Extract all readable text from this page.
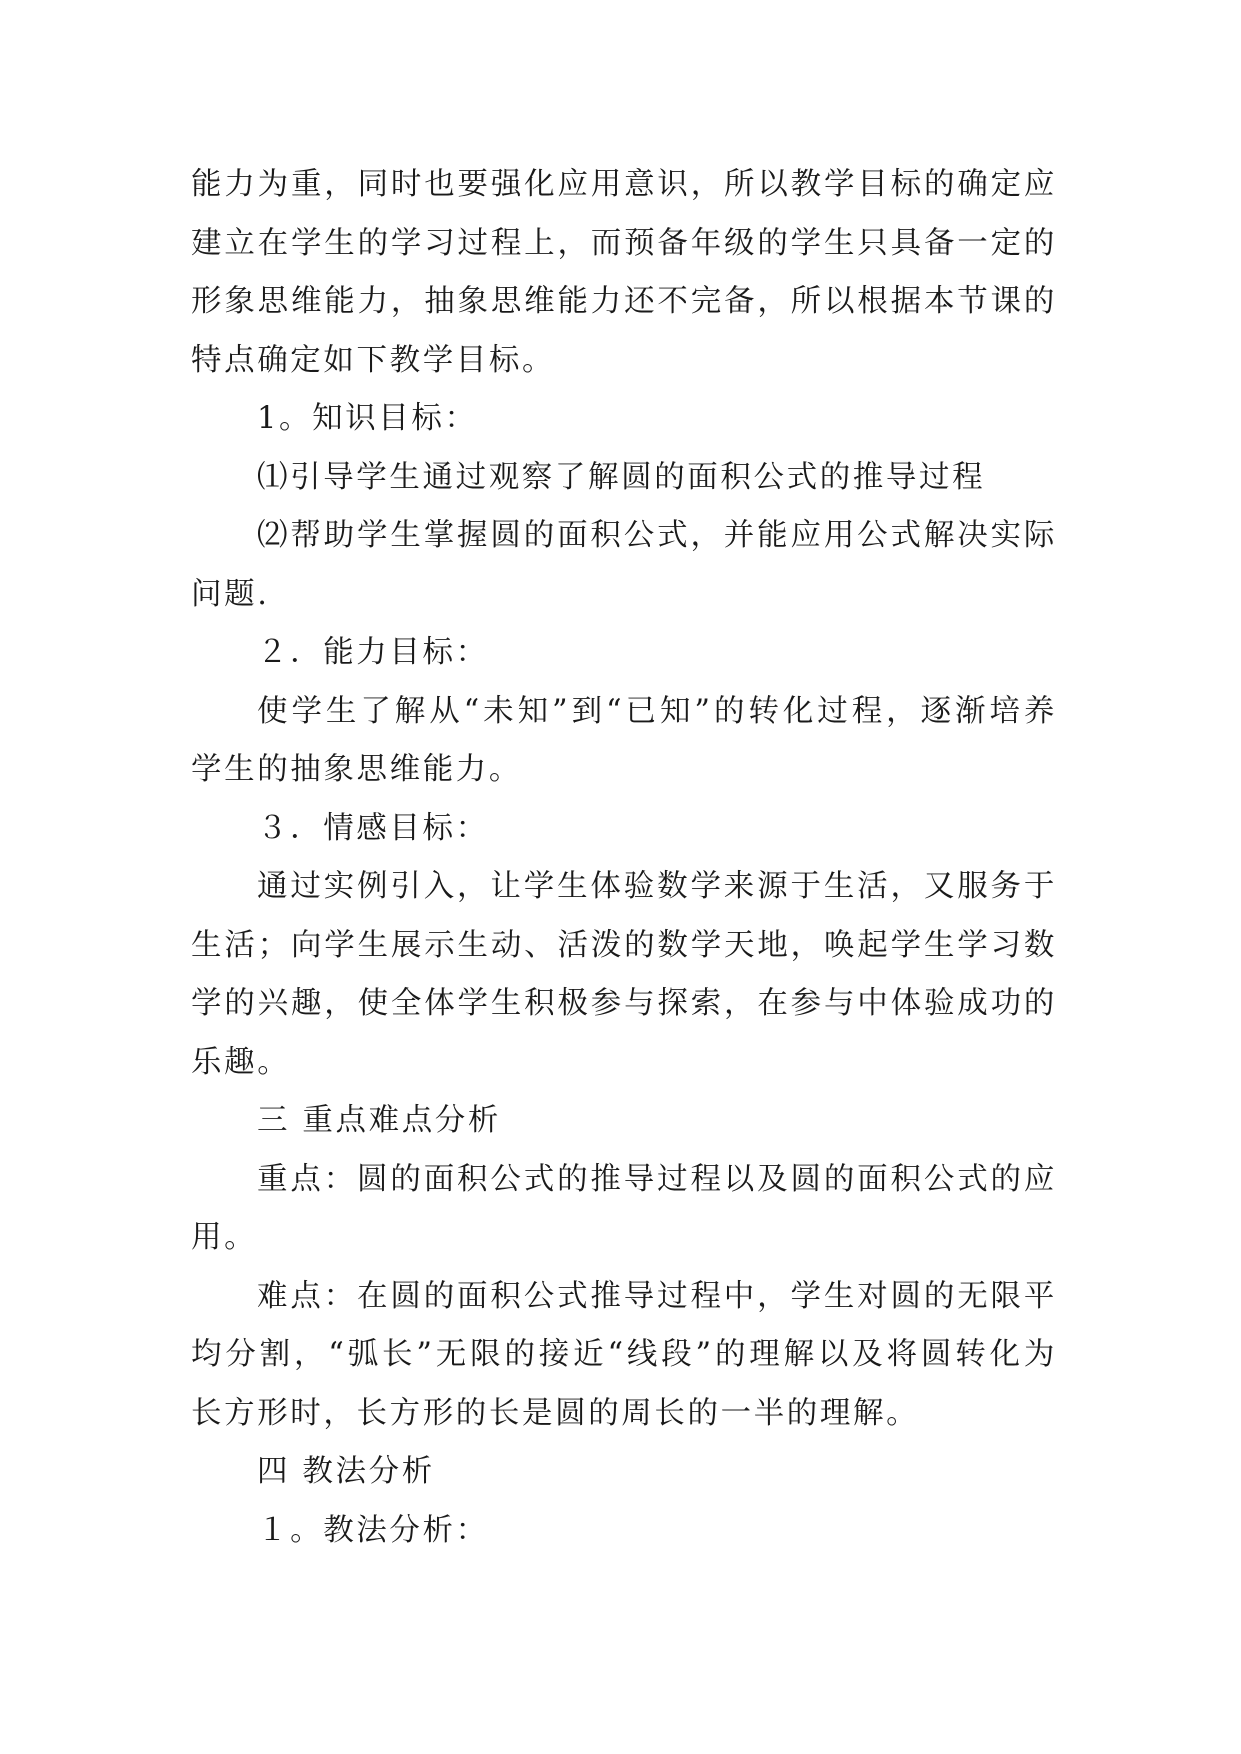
能力为重，同时也要强化应用意识，所以教学目标的确定应建立在学生的学习过程上，而预备年级的学生只具备一定的形象思维能力，抽象思维能力还不完备，所以根据本节课的特点确定如下教学目标。

1。知识目标：

⑴引导学生通过观察了解圆的面积公式的推导过程

⑵帮助学生掌握圆的面积公式，并能应用公式解决实际问题.

２．能力目标：

使学生了解从“未知”到“已知”的转化过程，逐渐培养学生的抽象思维能力。

３．情感目标：

通过实例引入，让学生体验数学来源于生活，又服务于生活；向学生展示生动、活泼的数学天地，唤起学生学习数学的兴趣，使全体学生积极参与探索，在参与中体验成功的乐趣。

三 重点难点分析

重点：圆的面积公式的推导过程以及圆的面积公式的应用。

难点：在圆的面积公式推导过程中，学生对圆的无限平均分割，“弧长”无限的接近“线段”的理解以及将圆转化为长方形时，长方形的长是圆的周长的一半的理解。

四 教法分析

１。教法分析：
